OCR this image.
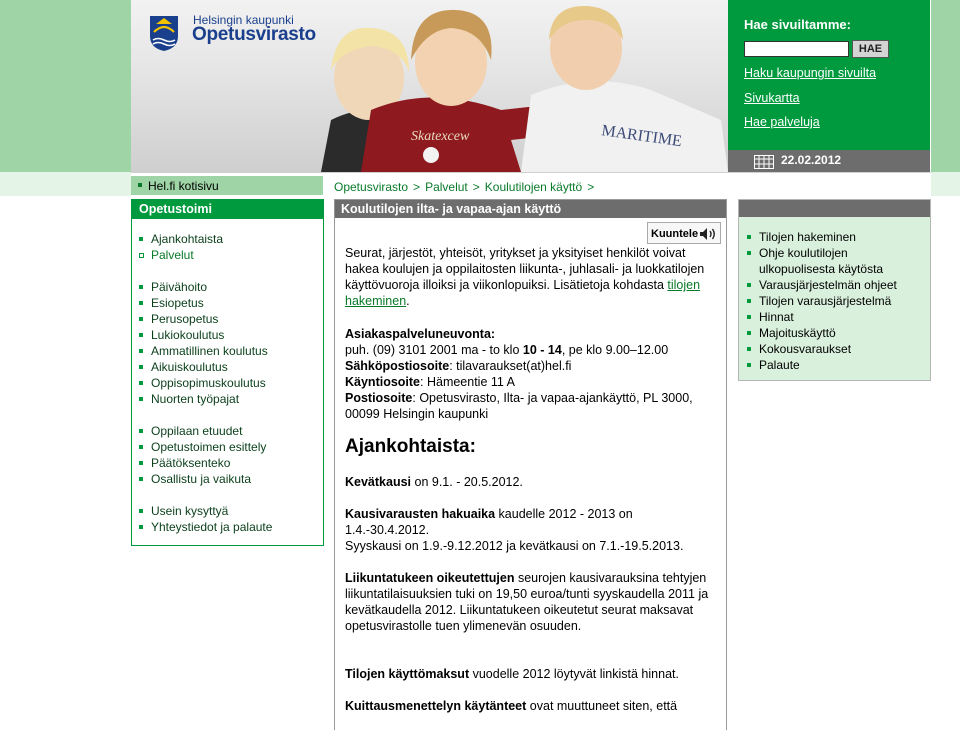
Skatexcew	MARITIME
Helsingin kaupunki
Opetusvirasto	Hae sivuiltamme:
HAE
Haku kaupungin sivuilta
Sivukartta
Hae palveluja
22.02.2012
Hel.fi kotisivu	Opetusvirasto > Palvelut > Koulutilojen käyttö >
Opetustoimi
Ajankohtaista
Palvelut
Päivähoito
Esiopetus
Perusopetus
Lukiokoulutus
Ammatillinen koulutus
Aikuiskoulutus
Oppisopimuskoulutus
Nuorten työpajat
Oppilaan etuudet
Opetustoimen esittely
Päätöksenteko
Osallistu ja vaikuta
Usein kysyttyä
Yhteystiedot ja palaute
Koulutilojen ilta- ja vapaa-ajan käyttö
Kuuntele

Seurat, järjestöt, yhteisöt, yritykset ja yksityiset henkilöt voivat hakea koulujen ja oppilaitosten liikunta-, juhlasali- ja luokkatilojen käyttövuoroja illoiksi ja viikonlopuiksi. Lisätietoja kohdasta tilojen hakeminen.

Asiakaspalveluneuvonta:
puh. (09) 3101 2001 ma - to klo 10 - 14, pe klo 9.00–12.00
Sähköpostiosoite: tilavaraukset(at)hel.fi
Käyntiosoite: Hämeentie 11 A
Postiosoite: Opetusvirasto, Ilta- ja vapaa-ajankäyttö, PL 3000, 00099 Helsingin kaupunki

Ajankohtaista:

Kevätkausi on 9.1. - 20.5.2012.

Kausivarausten hakuaika kaudelle 2012 - 2013 on 1.4.-30.4.2012.
Syyskausi on 1.9.-9.12.2012 ja kevätkausi on 7.1.-19.5.2013.

Liikuntatukeen oikeutettujen seurojen kausivarauksina tehtyjen liikuntatilaisuuksien tuki on 19,50 euroa/tunti syyskaudella 2011 ja kevätkaudella 2012. Liikuntatukeen oikeutetut seurat maksavat opetusvirastolle tuen ylimenevän osuuden.

Tilojen käyttömaksut vuodelle 2012 löytyvät linkistä hinnat.

Kuittausmenettelyn käytänteet ovat muuttuneet siten, että

Tilojen hakeminen
Ohje koulutilojen
ulkopuolisesta käytösta
Varausjärjestelmän ohjeet
Tilojen varausjärjestelmä
Hinnat
Majoituskäyttö
Kokousvaraukset
Palaute
